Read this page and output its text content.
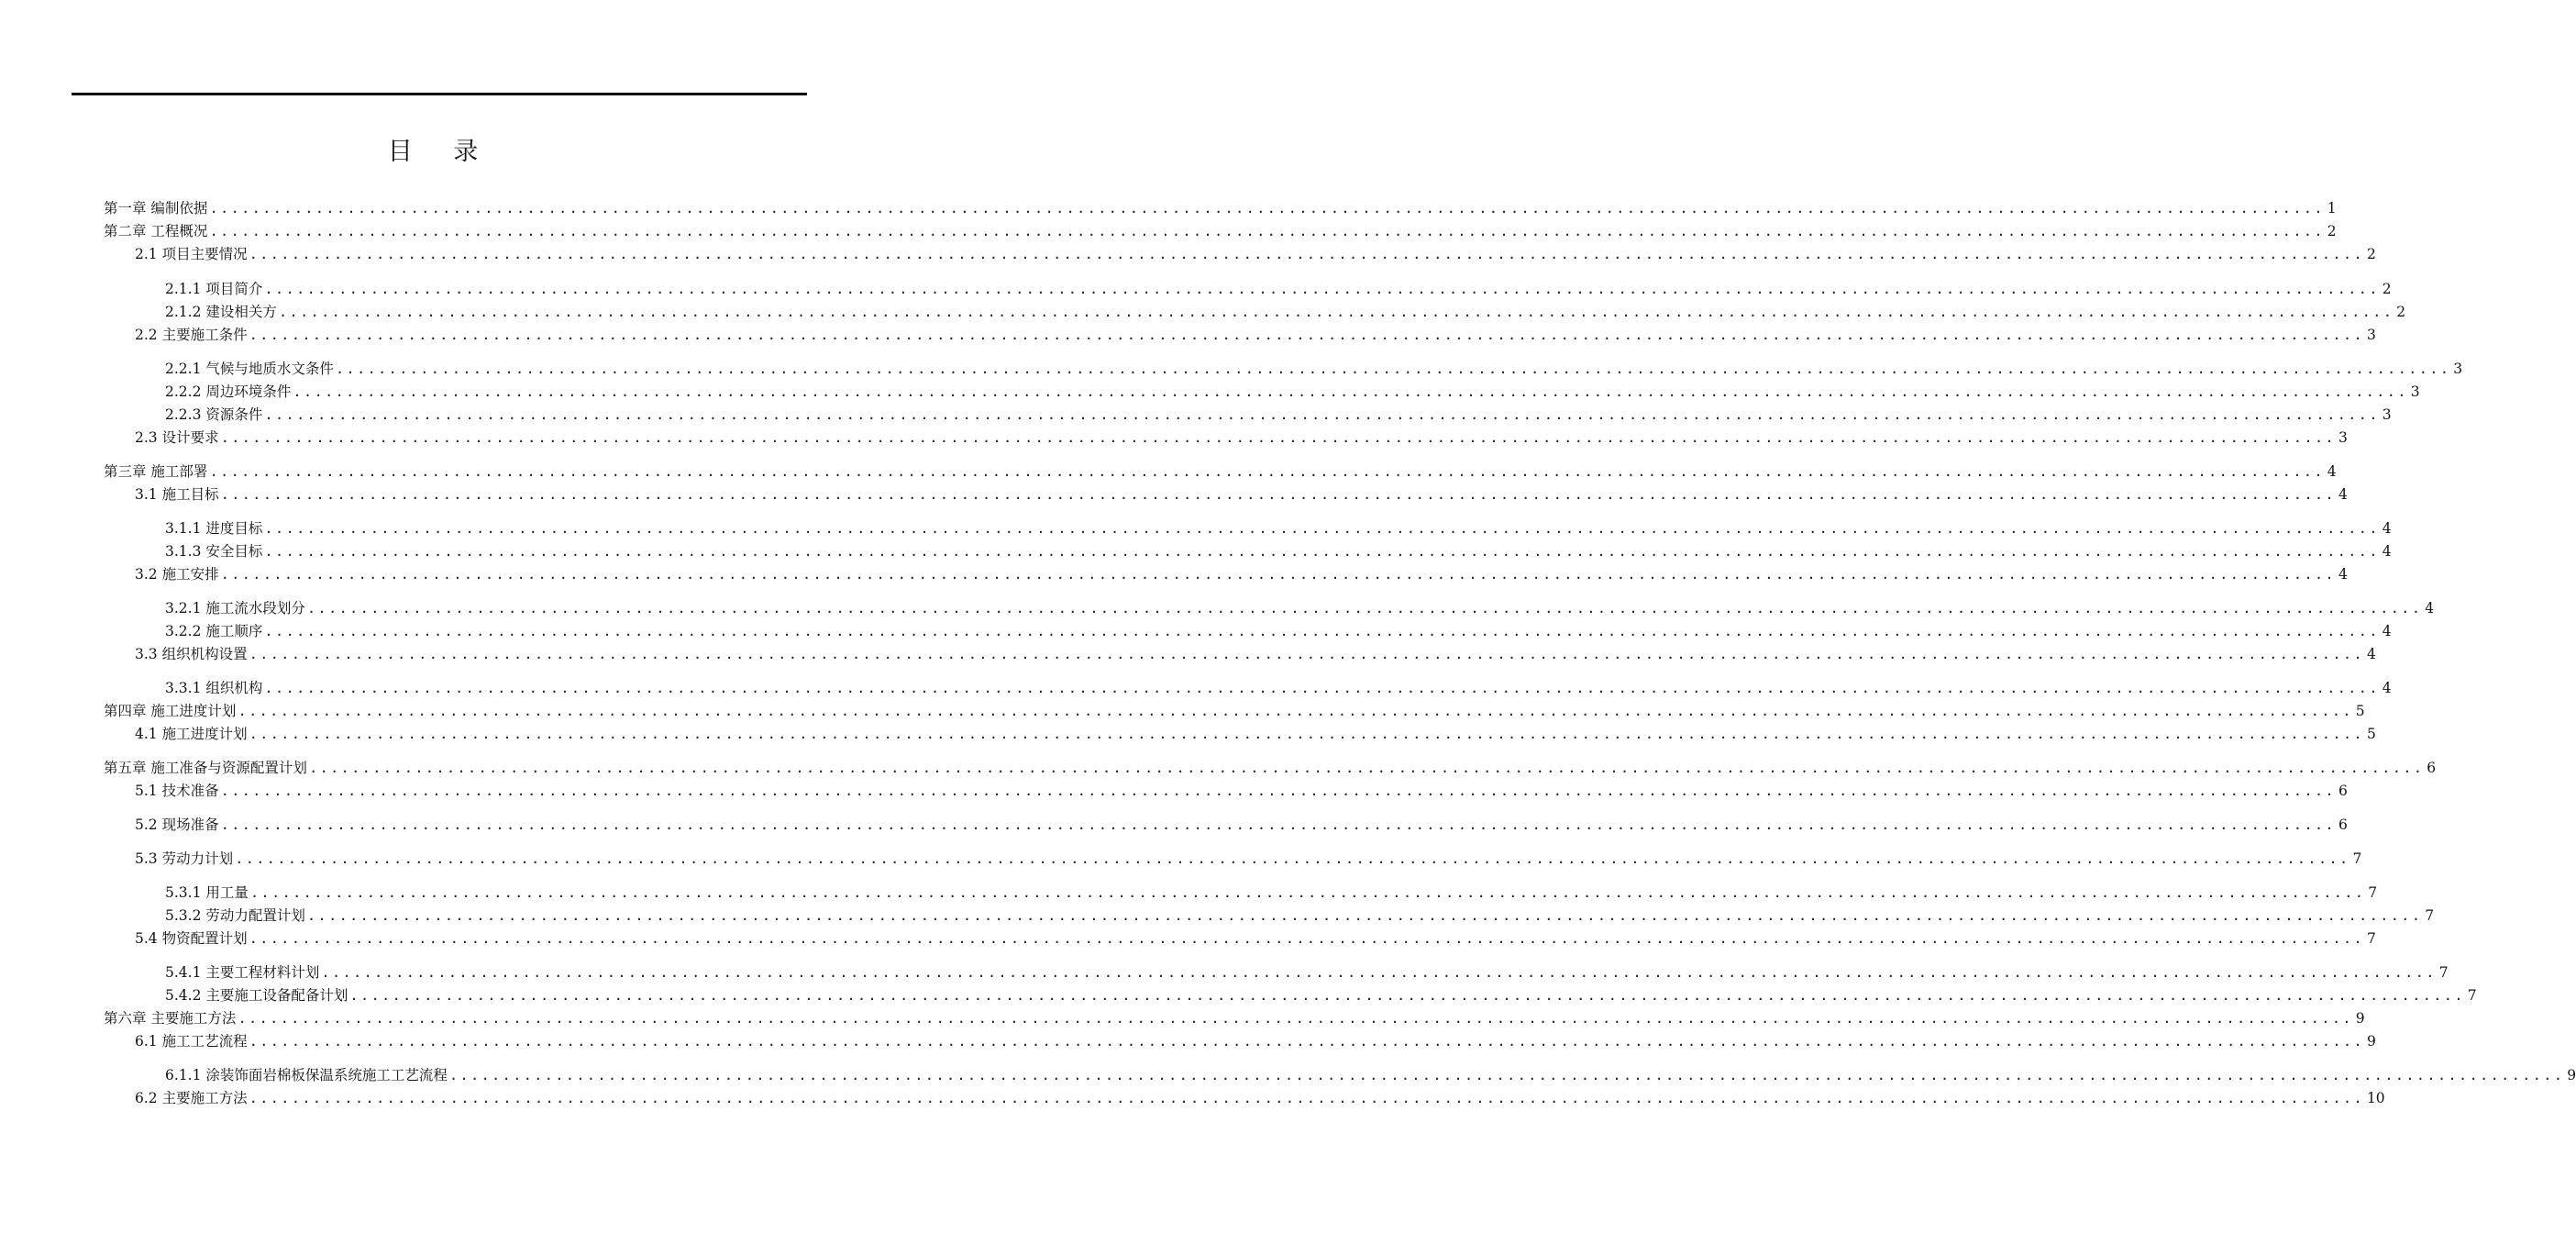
目 录
第一章 编制依据 ........................................................................................................................................................................................................ 1
第二章 工程概况 ........................................................................................................................................................................................................ 2
2.1 项目主要情况 ........................................................................................................................................................................................................ 2
2.1.1 项目简介 ........................................................................................................................................................................................................ 2
2.1.2 建设相关方 ........................................................................................................................................................................................................ 2
2.2 主要施工条件 ........................................................................................................................................................................................................ 3
2.2.1 气候与地质水文条件 ........................................................................................................................................................................................................ 3
2.2.2 周边环境条件 ........................................................................................................................................................................................................ 3
2.2.3 资源条件 ........................................................................................................................................................................................................ 3
2.3 设计要求 ........................................................................................................................................................................................................ 3
第三章 施工部署 ........................................................................................................................................................................................................ 4
3.1 施工目标 ........................................................................................................................................................................................................ 4
3.1.1 进度目标 ........................................................................................................................................................................................................ 4
3.1.3 安全目标 ........................................................................................................................................................................................................ 4
3.2 施工安排 ........................................................................................................................................................................................................ 4
3.2.1 施工流水段划分 ........................................................................................................................................................................................................ 4
3.2.2 施工顺序 ........................................................................................................................................................................................................ 4
3.3 组织机构设置 ........................................................................................................................................................................................................ 4
3.3.1 组织机构 ........................................................................................................................................................................................................ 4
第四章 施工进度计划 ........................................................................................................................................................................................................ 5
4.1 施工进度计划 ........................................................................................................................................................................................................ 5
第五章 施工准备与资源配置计划 ........................................................................................................................................................................................................ 6
5.1 技术准备 ........................................................................................................................................................................................................ 6
5.2 现场准备 ........................................................................................................................................................................................................ 6
5.3 劳动力计划 ........................................................................................................................................................................................................ 7
5.3.1 用工量 ........................................................................................................................................................................................................ 7
5.3.2 劳动力配置计划 ........................................................................................................................................................................................................ 7
5.4 物资配置计划 ........................................................................................................................................................................................................ 7
5.4.1 主要工程材料计划 ........................................................................................................................................................................................................ 7
5.4.2 主要施工设备配备计划 ........................................................................................................................................................................................................ 7
第六章 主要施工方法 ........................................................................................................................................................................................................ 9
6.1 施工工艺流程 ........................................................................................................................................................................................................ 9
6.1.1 涂装饰面岩棉板保温系统施工工艺流程 ........................................................................................................................................................................................................ 9
6.2 主要施工方法 ........................................................................................................................................................................................................ 10
